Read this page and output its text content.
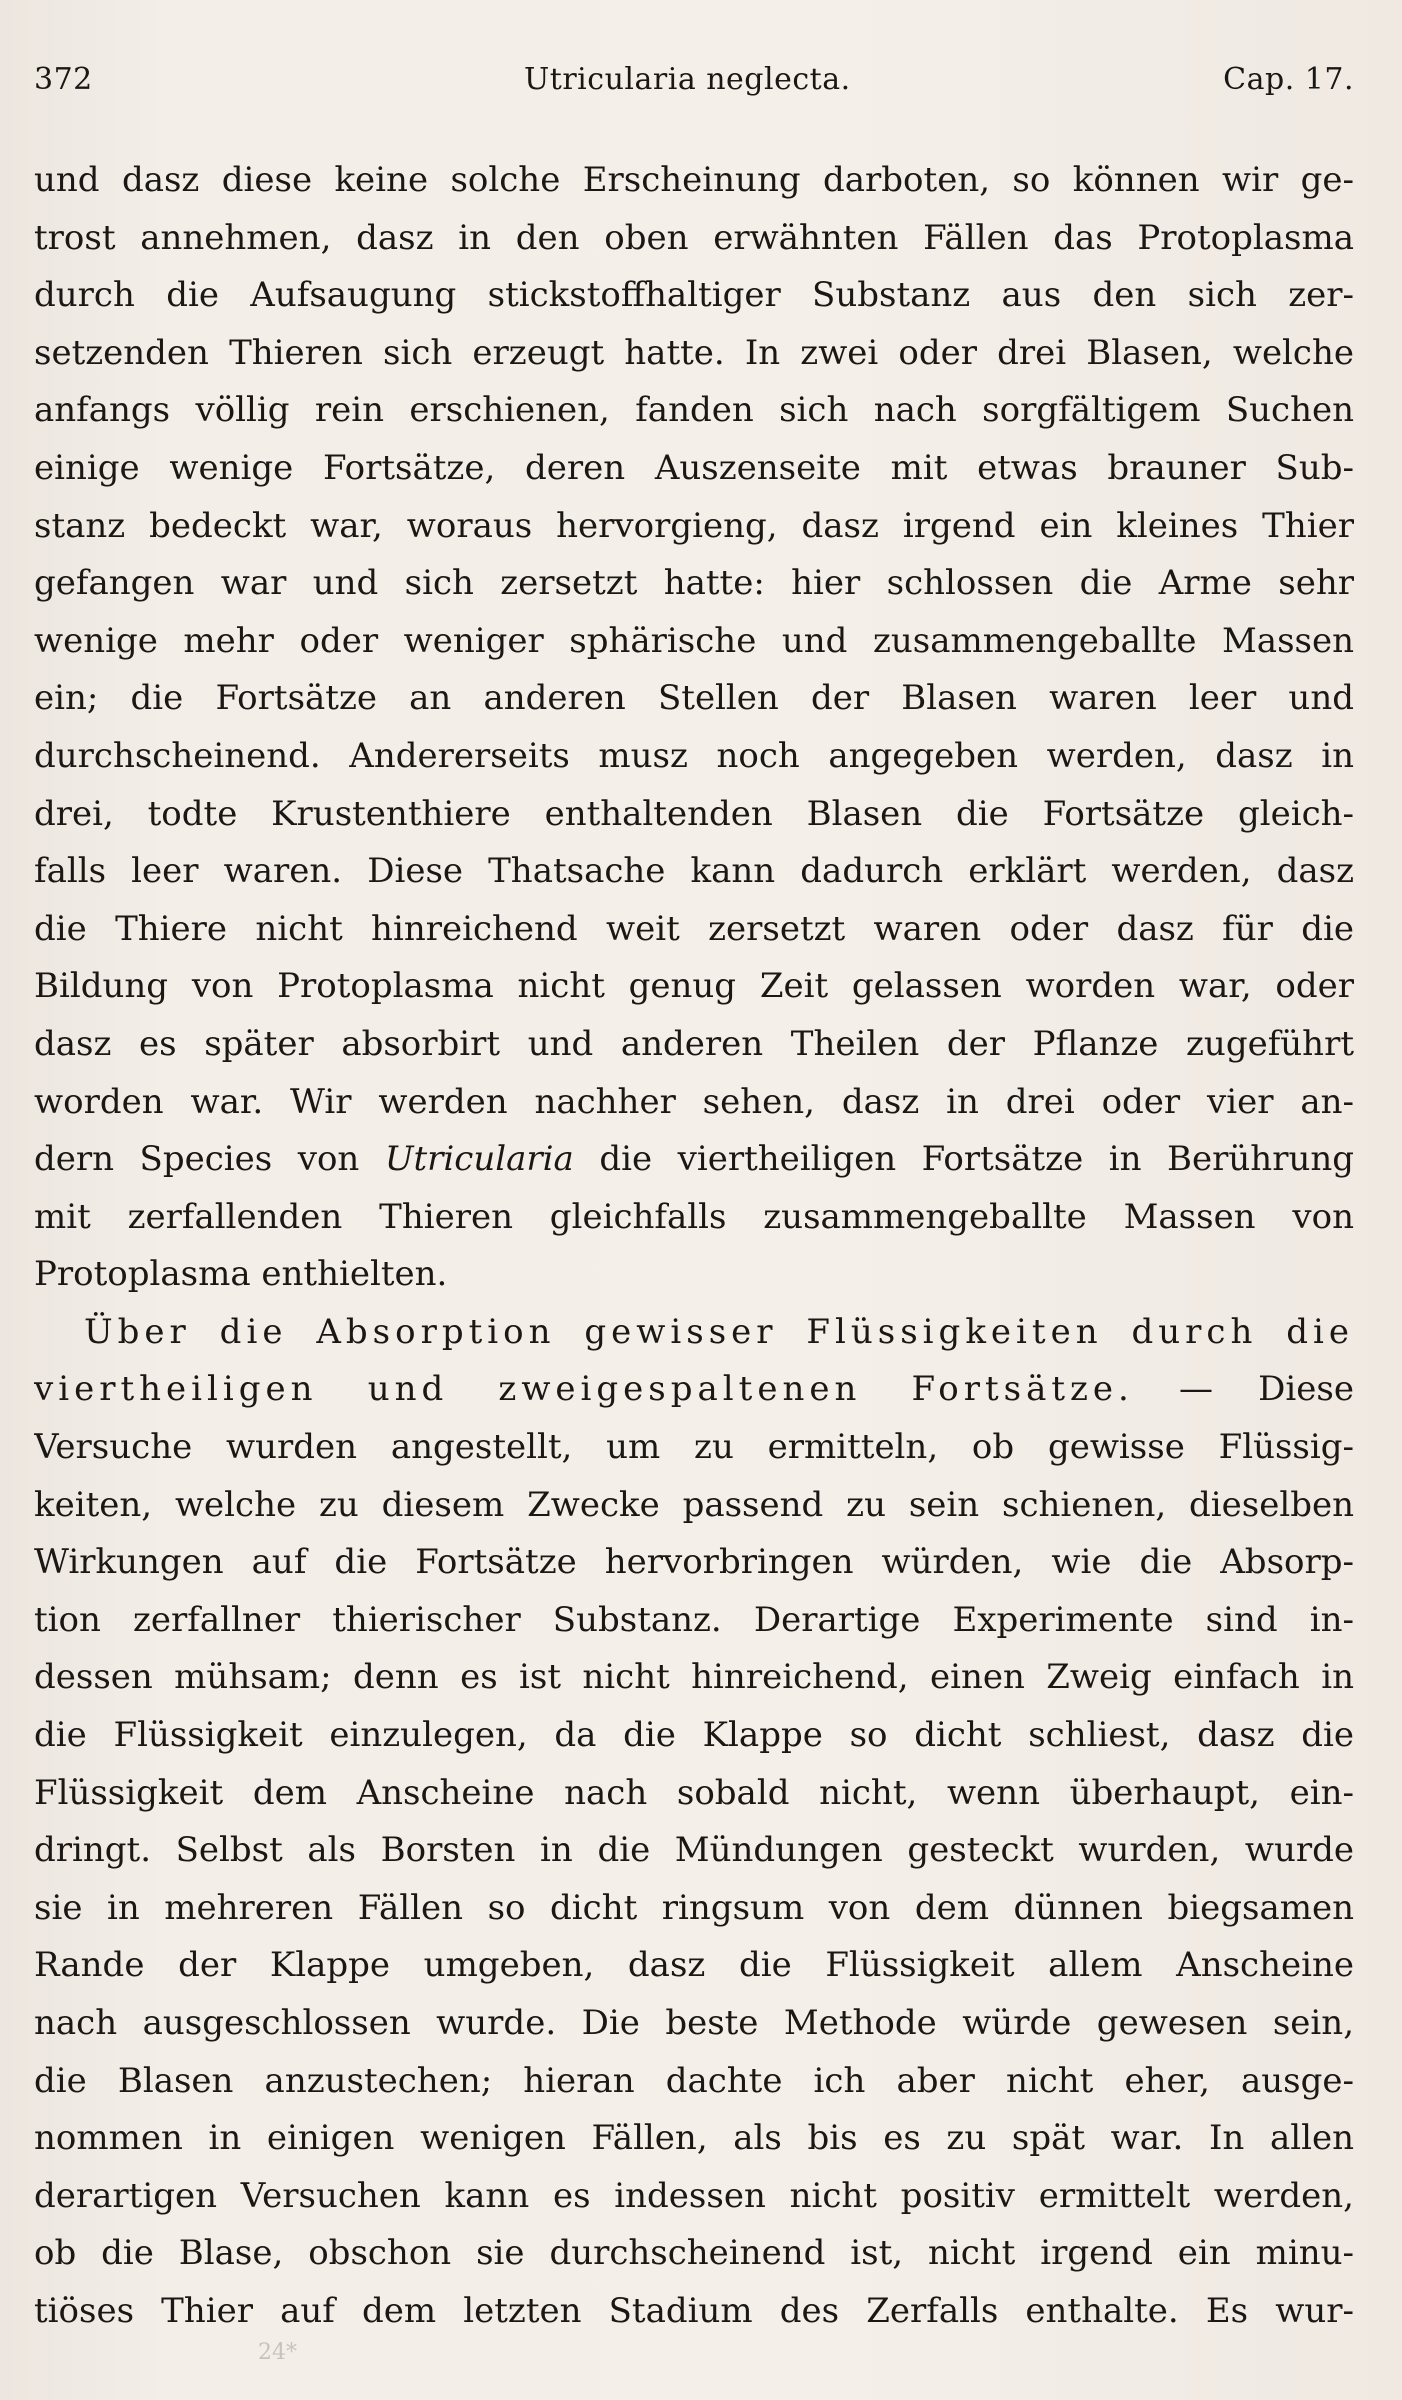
372	Utricularia neglecta.	Cap. 17.
und dasz diese keine solche Erscheinung darboten, so können wir ge-
trost annehmen, dasz in den oben erwähnten Fällen das Protoplasma
durch die Aufsaugung stickstoffhaltiger Substanz aus den sich zer-
setzenden Thieren sich erzeugt hatte. In zwei oder drei Blasen, welche
anfangs völlig rein erschienen, fanden sich nach sorgfältigem Suchen
einige wenige Fortsätze, deren Auszenseite mit etwas brauner Sub-
stanz bedeckt war, woraus hervorgieng, dasz irgend ein kleines Thier
gefangen war und sich zersetzt hatte: hier schlossen die Arme sehr
wenige mehr oder weniger sphärische und zusammengeballte Massen
ein; die Fortsätze an anderen Stellen der Blasen waren leer und
durchscheinend. Andererseits musz noch angegeben werden, dasz in
drei, todte Krustenthiere enthaltenden Blasen die Fortsätze gleich-
falls leer waren. Diese Thatsache kann dadurch erklärt werden, dasz
die Thiere nicht hinreichend weit zersetzt waren oder dasz für die
Bildung von Protoplasma nicht genug Zeit gelassen worden war, oder
dasz es später absorbirt und anderen Theilen der Pflanze zugeführt
worden war. Wir werden nachher sehen, dasz in drei oder vier an-
dern Species von Utricularia die viertheiligen Fortsätze in Berührung
mit zerfallenden Thieren gleichfalls zusammengeballte Massen von
Protoplasma enthielten.
Über die Absorption gewisser Flüssigkeiten durch die
viertheiligen und zweigespaltenen Fortsätze. — Diese
Versuche wurden angestellt, um zu ermitteln, ob gewisse Flüssig-
keiten, welche zu diesem Zwecke passend zu sein schienen, dieselben
Wirkungen auf die Fortsätze hervorbringen würden, wie die Absorp-
tion zerfallner thierischer Substanz. Derartige Experimente sind in-
dessen mühsam; denn es ist nicht hinreichend, einen Zweig einfach in
die Flüssigkeit einzulegen, da die Klappe so dicht schliest, dasz die
Flüssigkeit dem Anscheine nach sobald nicht, wenn überhaupt, ein-
dringt. Selbst als Borsten in die Mündungen gesteckt wurden, wurde
sie in mehreren Fällen so dicht ringsum von dem dünnen biegsamen
Rande der Klappe umgeben, dasz die Flüssigkeit allem Anscheine
nach ausgeschlossen wurde. Die beste Methode würde gewesen sein,
die Blasen anzustechen; hieran dachte ich aber nicht eher, ausge-
nommen in einigen wenigen Fällen, als bis es zu spät war. In allen
derartigen Versuchen kann es indessen nicht positiv ermittelt werden,
ob die Blase, obschon sie durchscheinend ist, nicht irgend ein minu-
tiöses Thier auf dem letzten Stadium des Zerfalls enthalte. Es wur-
24*
